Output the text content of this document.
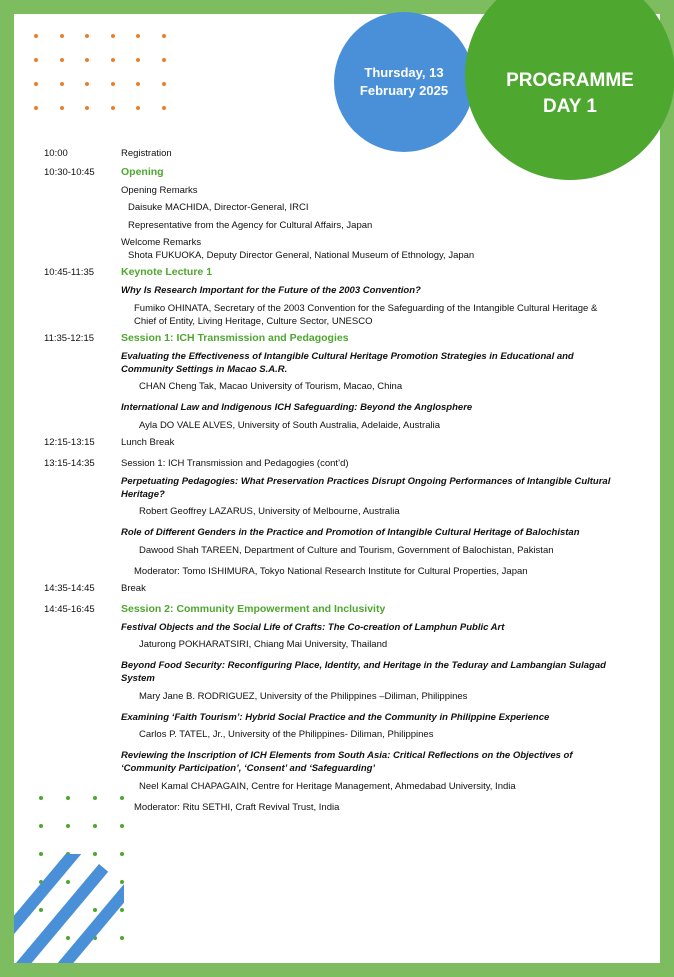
Thursday, 13
February 2025	PROGRAMME
DAY 1
10:00	Registration
10:30-10:45	Opening
Opening Remarks
Daisuke MACHIDA, Director-General, IRCI
Representative from the Agency for Cultural Affairs, Japan
Welcome Remarks
Shota FUKUOKA, Deputy Director General, National Museum of Ethnology, Japan
10:45-11:35	Keynote Lecture 1
Why Is Research Important for the Future of the 2003 Convention?
Fumiko OHINATA, Secretary of the 2003 Convention for the Safeguarding of the Intangible Cultural Heritage &
Chief of Entity, Living Heritage, Culture Sector, UNESCO
11:35-12:15	Session 1: ICH Transmission and Pedagogies
Evaluating the Effectiveness of Intangible Cultural Heritage Promotion Strategies in Educational and
Community Settings in Macao S.A.R.
CHAN Cheng Tak, Macao University of Tourism, Macao, China
International Law and Indigenous ICH Safeguarding: Beyond the Anglosphere
Ayla DO VALE ALVES, University of South Australia, Adelaide, Australia
12:15-13:15	Lunch Break
13:15-14:35	Session 1: ICH Transmission and Pedagogies (cont’d)
Perpetuating Pedagogies: What Preservation Practices Disrupt Ongoing Performances of Intangible Cultural
Heritage?
Robert Geoffrey LAZARUS, University of Melbourne, Australia
Role of Different Genders in the Practice and Promotion of Intangible Cultural Heritage of Balochistan
Dawood Shah TAREEN, Department of Culture and Tourism, Government of Balochistan, Pakistan
Moderator: Tomo ISHIMURA, Tokyo National Research Institute for Cultural Properties, Japan
14:35-14:45	Break
14:45-16:45	Session 2: Community Empowerment and Inclusivity
Festival Objects and the Social Life of Crafts: The Co-creation of Lamphun Public Art
Jaturong POKHARATSIRI, Chiang Mai University, Thailand
Beyond Food Security: Reconfiguring Place, Identity, and Heritage in the Teduray and Lambangian Sulagad
System
Mary Jane B. RODRIGUEZ, University of the Philippines –Diliman, Philippines
Examining ‘Faith Tourism’: Hybrid Social Practice and the Community in Philippine Experience
Carlos P. TATEL, Jr., University of the Philippines- Diliman, Philippines
Reviewing the Inscription of ICH Elements from South Asia: Critical Reflections on the Objectives of
‘Community Participation’, ‘Consent’ and ‘Safeguarding’
Neel Kamal CHAPAGAIN, Centre for Heritage Management, Ahmedabad University, India
Moderator: Ritu SETHI, Craft Revival Trust, India
